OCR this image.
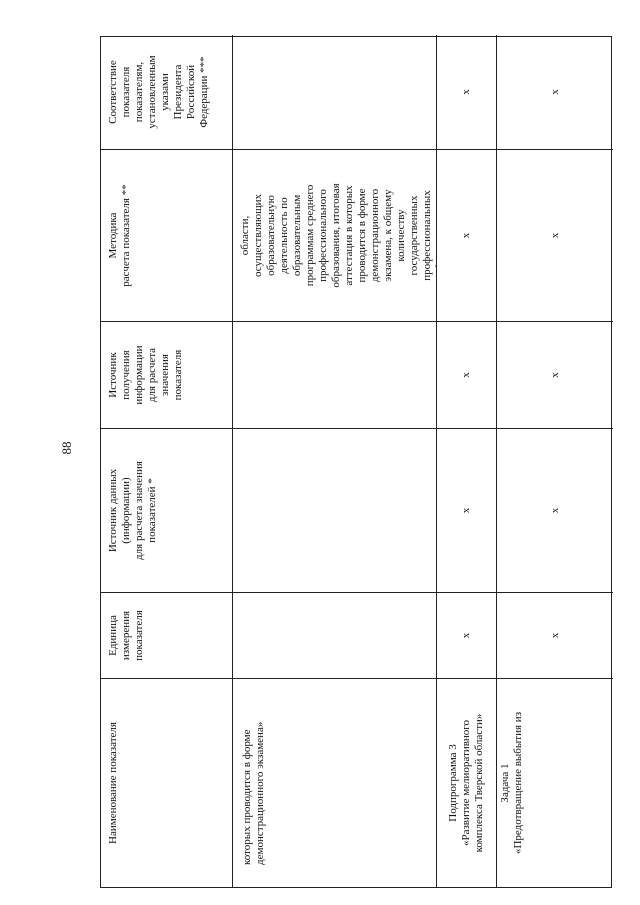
88
Наименование показателя
Единица
измерения
показателя
Источник данных
(информации)
для расчета значения
показателей *
Источник
получения
информации
для расчета
значения
показателя
Методика
расчета показателя **
Соответствие
показателя
показателям,
установленным
указами
Президента
Российской
Федерации ***
которых проводится в форме
демонстрационного экзамена»
области,
осуществляющих
образовательную
деятельность по
образовательным
программам среднего
профессионального
образования, итоговая
аттестация в которых
проводится в форме
демонстрационного
экзамена, к общему
количеству
государственных
профессиональных
образовательных

Подпрограмма 3
«Развитие мелиоративного
комплекса Тверской области»
x
x
x
x
x
Задача 1 «Предотвращение выбытия из
x
x
x
x
x
